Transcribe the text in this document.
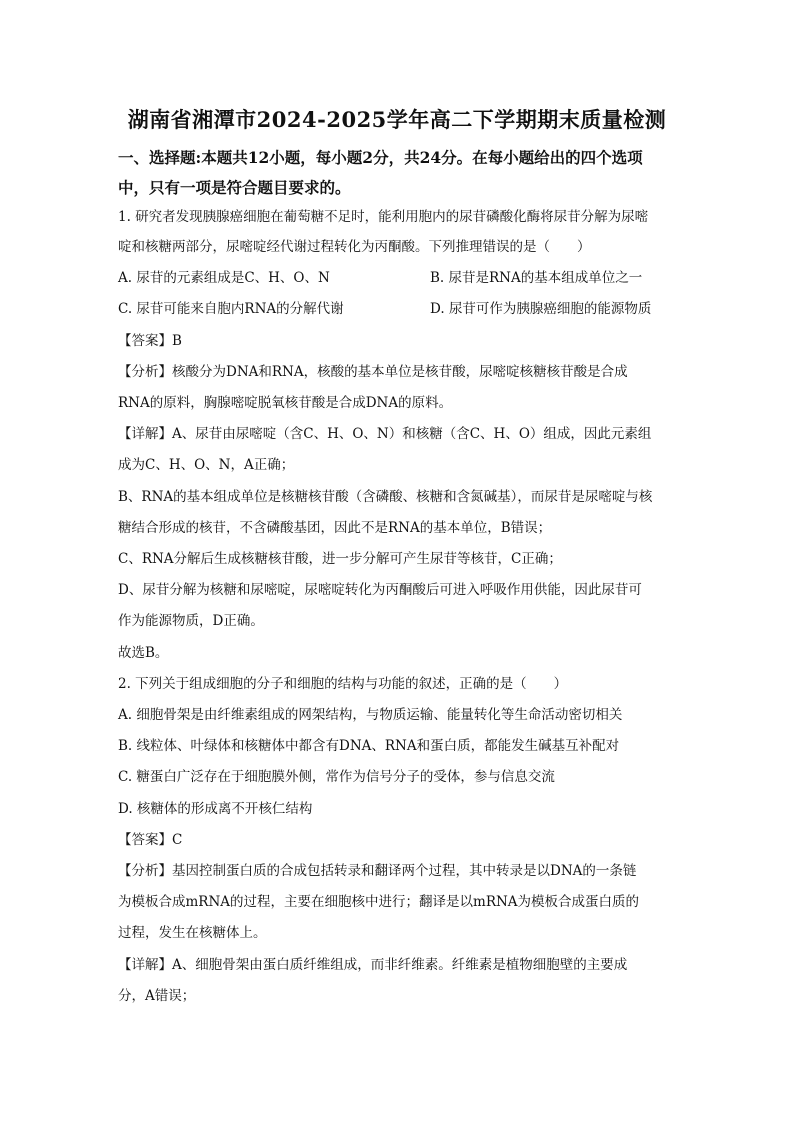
湖南省湘潭市2024-2025学年高二下学期期末质量检测
一、选择题:本题共12小题，每小题2分，共24分。在每小题给出的四个选项
中，只有一项是符合题目要求的。
1. 研究者发现胰腺癌细胞在葡萄糖不足时，能利用胞内的尿苷磷酸化酶将尿苷分解为尿嘧
啶和核糖两部分，尿嘧啶经代谢过程转化为丙酮酸。下列推理错误的是（　　）
A. 尿苷的元素组成是C、H、O、N	B. 尿苷是RNA的基本组成单位之一
C. 尿苷可能来自胞内RNA的分解代谢	D. 尿苷可作为胰腺癌细胞的能源物质
【答案】B
【分析】核酸分为DNA和RNA，核酸的基本单位是核苷酸，尿嘧啶核糖核苷酸是合成
RNA的原料，胸腺嘧啶脱氧核苷酸是合成DNA的原料。
【详解】A、尿苷由尿嘧啶（含C、H、O、N）和核糖（含C、H、O）组成，因此元素组
成为C、H、O、N，A正确；
B、RNA的基本组成单位是核糖核苷酸（含磷酸、核糖和含氮碱基），而尿苷是尿嘧啶与核
糖结合形成的核苷，不含磷酸基团，因此不是RNA的基本单位，B错误；
C、RNA分解后生成核糖核苷酸，进一步分解可产生尿苷等核苷，C正确；
D、尿苷分解为核糖和尿嘧啶，尿嘧啶转化为丙酮酸后可进入呼吸作用供能，因此尿苷可
作为能源物质，D正确。
故选B。
2. 下列关于组成细胞的分子和细胞的结构与功能的叙述，正确的是（　　）
A. 细胞骨架是由纤维素组成的网架结构，与物质运输、能量转化等生命活动密切相关
B. 线粒体、叶绿体和核糖体中都含有DNA、RNA和蛋白质，都能发生碱基互补配对
C. 糖蛋白广泛存在于细胞膜外侧，常作为信号分子的受体，参与信息交流
D. 核糖体的形成离不开核仁结构
【答案】C
【分析】基因控制蛋白质的合成包括转录和翻译两个过程，其中转录是以DNA的一条链
为模板合成mRNA的过程，主要在细胞核中进行；翻译是以mRNA为模板合成蛋白质的
过程，发生在核糖体上。
【详解】A、细胞骨架由蛋白质纤维组成，而非纤维素。纤维素是植物细胞壁的主要成
分，A错误；
